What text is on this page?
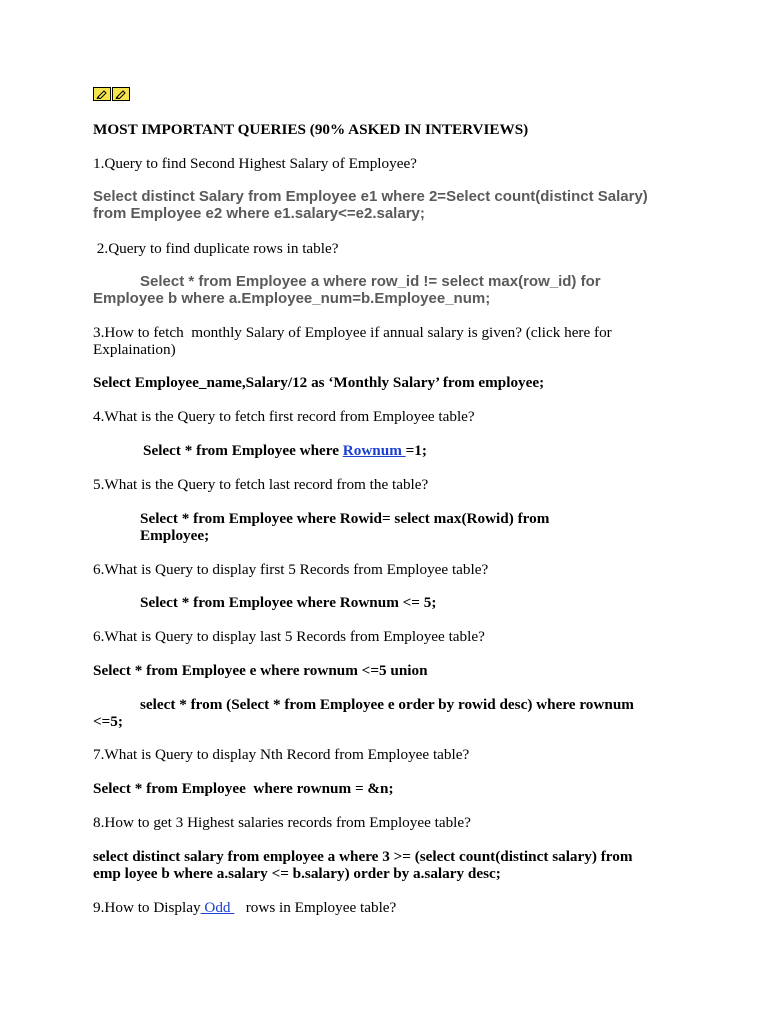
MOST IMPORTANT QUERIES (90% ASKED IN INTERVIEWS)
1.Query to find Second Highest Salary of Employee?
Select distinct Salary from Employee e1 where 2=Select count(distinct Salary)
from Employee e2 where e1.salary<=e2.salary;
2.Query to find duplicate rows in table?
Select * from Employee a where row_id != select max(row_id) for
Employee b where a.Employee_num=b.Employee_num;
3.How to fetch  monthly Salary of Employee if annual salary is given? (click here for
Explaination)
Select Employee_name,Salary/12 as ‘Monthly Salary’ from employee;
4.What is the Query to fetch first record from Employee table?
Select * from Employee where Rownum =1;
5.What is the Query to fetch last record from the table?
Select * from Employee where Rowid= select max(Rowid) from
Employee;
6.What is Query to display first 5 Records from Employee table?
Select * from Employee where Rownum <= 5;
6.What is Query to display last 5 Records from Employee table?
Select * from Employee e where rownum <=5 union
select * from (Select * from Employee e order by rowid desc) where rownum
<=5;
7.What is Query to display Nth Record from Employee table?
Select * from Employee  where rownum = &n;
8.How to get 3 Highest salaries records from Employee table?
select distinct salary from employee a where 3 >= (select count(distinct salary) from
emp loyee b where a.salary <= b.salary) order by a.salary desc;
9.How to Display Odd    rows in Employee table?
